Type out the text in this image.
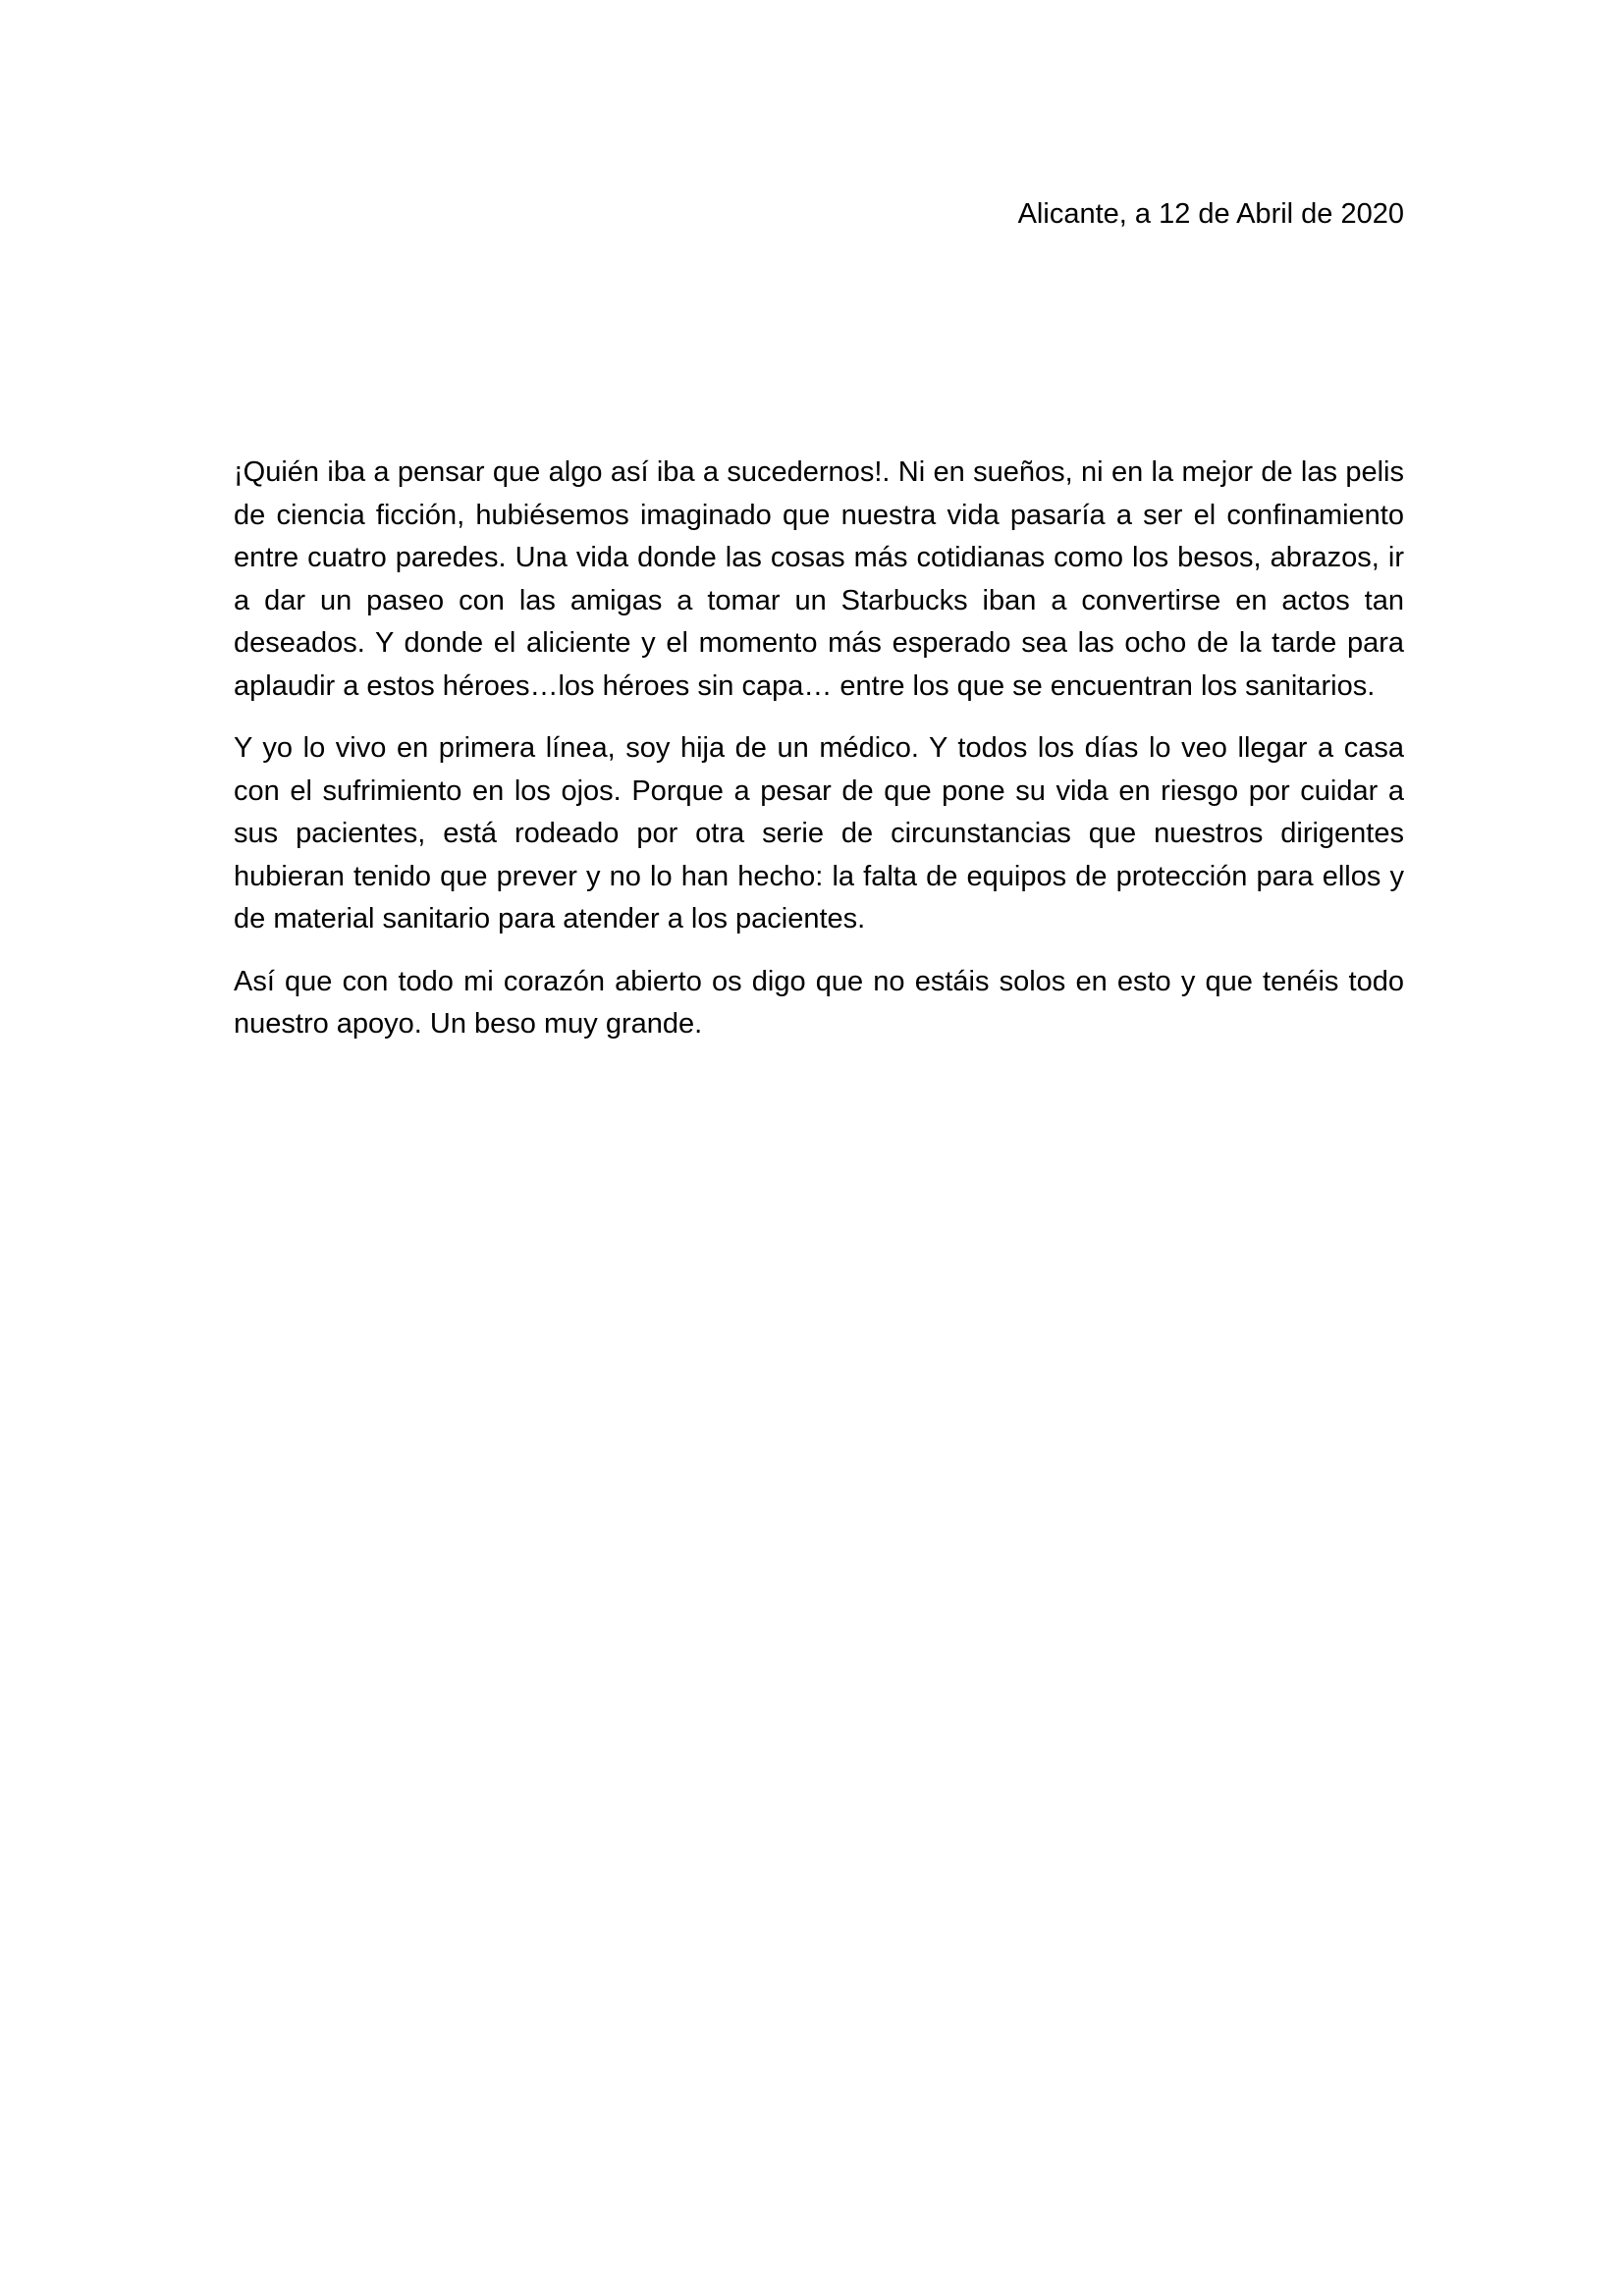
Alicante, a 12 de Abril de 2020

¡Quién iba a pensar que algo así iba a sucedernos!. Ni en sueños, ni en la mejor de las pelis de ciencia ficción, hubiésemos imaginado que nuestra vida pasaría a ser el confinamiento entre cuatro paredes. Una vida donde las cosas más cotidianas como los besos, abrazos, ir a dar un paseo con las amigas a tomar un Starbucks iban a convertirse en actos tan deseados. Y donde el aliciente y el momento más esperado sea las ocho de la tarde para aplaudir a estos héroes…los héroes sin capa… entre los que se encuentran los sanitarios.

Y yo lo vivo en primera línea, soy hija de un médico. Y todos los días lo veo llegar a casa con el sufrimiento en los ojos. Porque a pesar de que pone su vida en riesgo por cuidar a sus pacientes, está rodeado por otra serie de circunstancias que nuestros dirigentes hubieran tenido que prever y no lo han hecho: la falta de equipos de protección para ellos y de material sanitario para atender a los pacientes.

Así que con todo mi corazón abierto os digo que no estáis solos en esto y que tenéis todo nuestro apoyo. Un beso muy grande.
